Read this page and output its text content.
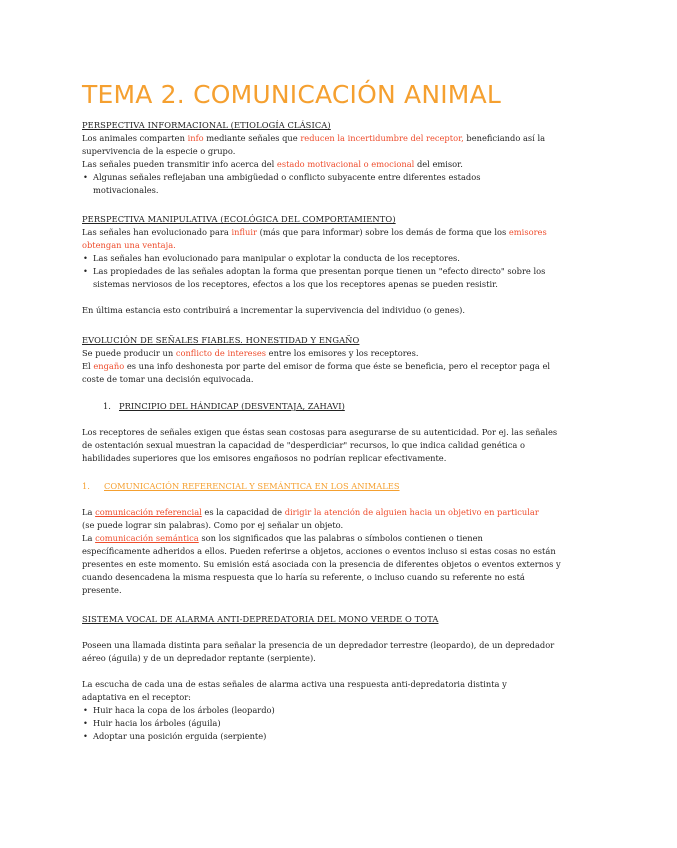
TEMA 2. COMUNICACIÓN ANIMAL
PERSPECTIVA INFORMACIONAL (ETIOLOGÍA CLÁSICA)
Los animales comparten info mediante señales que reducen la incertidumbre del receptor, beneficiando así la
supervivencia de la especie o grupo.
Las señales pueden transmitir info acerca del estado motivacional o emocional del emisor.
• Algunas señales reflejaban una ambigüedad o conflicto subyacente entre diferentes estados
motivacionales.
PERSPECTIVA MANIPULATIVA (ECOLÓGICA DEL COMPORTAMIENTO)
Las señales han evolucionado para influir (más que para informar) sobre los demás de forma que los emisores
obtengan una ventaja.
• Las señales han evolucionado para manipular o explotar la conducta de los receptores.
• Las propiedades de las señales adoptan la forma que presentan porque tienen un "efecto directo" sobre los
sistemas nerviosos de los receptores, efectos a los que los receptores apenas se pueden resistir.
En última estancia esto contribuirá a incrementar la supervivencia del individuo (o genes).
EVOLUCIÓN DE SEÑALES FIABLES. HONESTIDAD Y ENGAÑO
Se puede producir un conflicto de intereses entre los emisores y los receptores.
El engaño es una info deshonesta por parte del emisor de forma que éste se beneficia, pero el receptor paga el
coste de tomar una decisión equivocada.
1. PRINCIPIO DEL HÁNDICAP (DESVENTAJA, ZAHAVI)
Los receptores de señales exigen que éstas sean costosas para asegurarse de su autenticidad. Por ej. las señales
de ostentación sexual muestran la capacidad de "desperdiciar" recursos, lo que indica calidad genética o
habilidades superiores que los emisores engañosos no podrían replicar efectivamente.
1. COMUNICACIÓN REFERENCIAL Y SEMÁNTICA EN LOS ANIMALES
La comunicación referencial es la capacidad de dirigir la atención de alguien hacia un objetivo en particular
(se puede lograr sin palabras). Como por ej señalar un objeto.
La comunicación semántica son los significados que las palabras o símbolos contienen o tienen
específicamente adheridos a ellos. Pueden referirse a objetos, acciones o eventos incluso si estas cosas no están
presentes en este momento. Su emisión está asociada con la presencia de diferentes objetos o eventos externos y
cuando desencadena la misma respuesta que lo haría su referente, o incluso cuando su referente no está
presente.
SISTEMA VOCAL DE ALARMA ANTI-DEPREDATORIA DEL MONO VERDE O TOTA
Poseen una llamada distinta para señalar la presencia de un depredador terrestre (leopardo), de un depredador
aéreo (águila) y de un depredador reptante (serpiente).
La escucha de cada una de estas señales de alarma activa una respuesta anti-depredatoria distinta y
adaptativa en el receptor:
• Huir haca la copa de los árboles (leopardo)
• Huir hacia los árboles (águila)
• Adoptar una posición erguida (serpiente)
